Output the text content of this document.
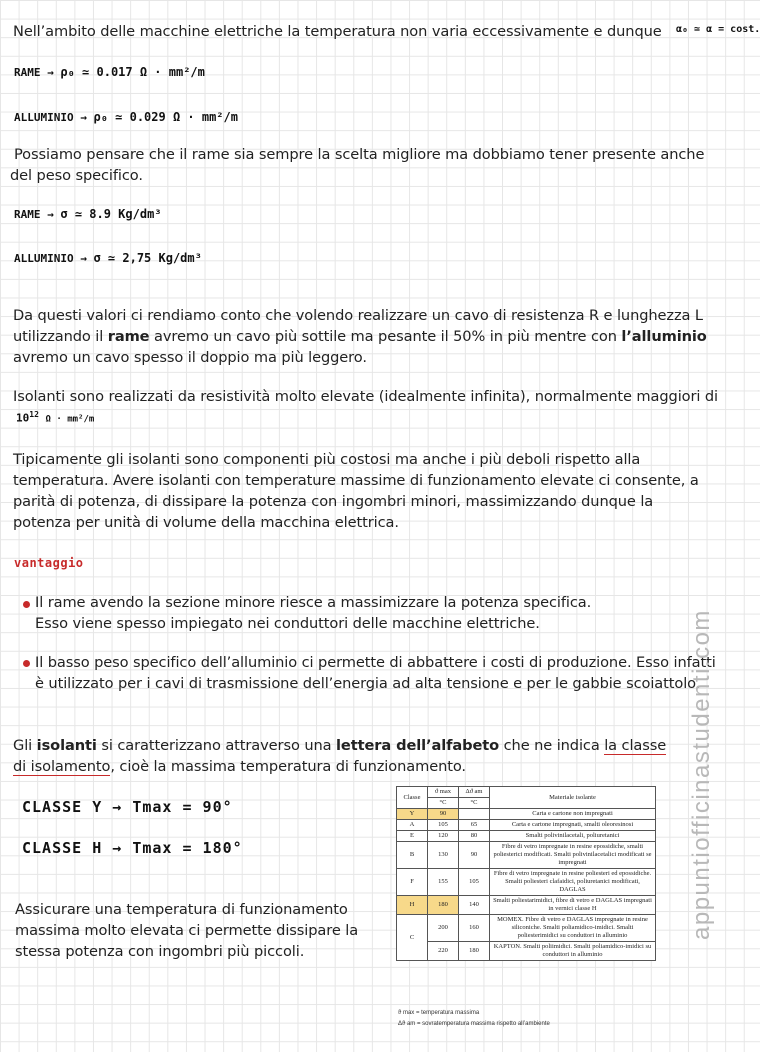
Nell’ambito delle macchine elettriche la temperatura non varia eccessivamente e dunque	α₀ ≃ α = cost.
RAME → ρ₀ ≃ 0.017 Ω · mm²/m
ALLUMINIO → ρ₀ ≃ 0.029 Ω · mm²/m
Possiamo pensare che il rame sia sempre la scelta migliore ma dobbiamo tener presente anche del peso specifico.
RAME → σ ≃ 8.9 Kg/dm³
ALLUMINIO → σ ≃ 2,75 Kg/dm³
Da questi valori ci rendiamo conto che volendo realizzare un cavo di resistenza R e lunghezza L utilizzando il rame avremo un cavo più sottile ma pesante il 50% in più mentre con l’alluminio avremo un cavo spesso il doppio ma più leggero.
Isolanti sono realizzati da resistività molto elevate (idealmente infinita), normalmente maggiori di
$10^{12}$ Ω · mm²/m
Tipicamente gli isolanti sono componenti più costosi ma anche i più deboli rispetto alla temperatura. Avere isolanti con temperature massime di funzionamento elevate ci consente, a parità di potenza, di dissipare la potenza con ingombri minori, massimizzando dunque la potenza per unità di volume della macchina elettrica.
vantaggio
Il rame avendo la sezione minore riesce a massimizzare la potenza specifica. Esso viene spesso impiegato nei conduttori delle macchine elettriche.
Il basso peso specifico dell’alluminio ci permette di abbattere i costi di produzione. Esso infatti è utilizzato per i cavi di trasmissione dell’energia ad alta tensione e per le gabbie scoiattolo.
Gli isolanti si caratterizzano attraverso una lettera dell’alfabeto che ne indica la classe di isolamento, cioè la massima temperatura di funzionamento.
CLASSE Y → Tmax = 90°
CLASSE H → Tmax = 180°
Assicurare una temperatura di funzionamento massima molto elevata ci permette dissipare la stessa potenza con ingombri più piccoli.
Classe	ϑ max	Δϑ am	Materiale isolante
	°C	°C	
Y	90		Carta e cartone non impregnati
A	105	65	Carta e cartone impregnati, smalti oleoresinosi
E	120	80	Smalti polivinilacetali, poliuretanici
B	130	90	Fibre di vetro impregnate in resine epossidiche, smalti poliesterici modificati. Smalti polivinilacetalici modificati se impregnati
F	155	105	Fibre di vetro impregnate in resine poliesteri ed epossidiche. Smalti poliesteri clafaidici, poliuretanici modificati, DAGLAS
H	180	140	Smalti poliestarimidici, fibre di vetro e DAGLAS impregnati in vernici classe H
C	200	160	MOMEX. Fibre di vetro e DAGLAS impregnate in resine siliconiche. Smalti poliamidico-imidici. Smalti poliesterimidici su conduttori in alluminio
	220	180	KAPTON. Smalti poliimidici. Smalti poliamidico-imidici su conduttori in alluminio
ϑ max = temperatura massima
Δϑ am = sovratemperatura massima rispetto all’ambiente
appuntiofficinastudenti.com
